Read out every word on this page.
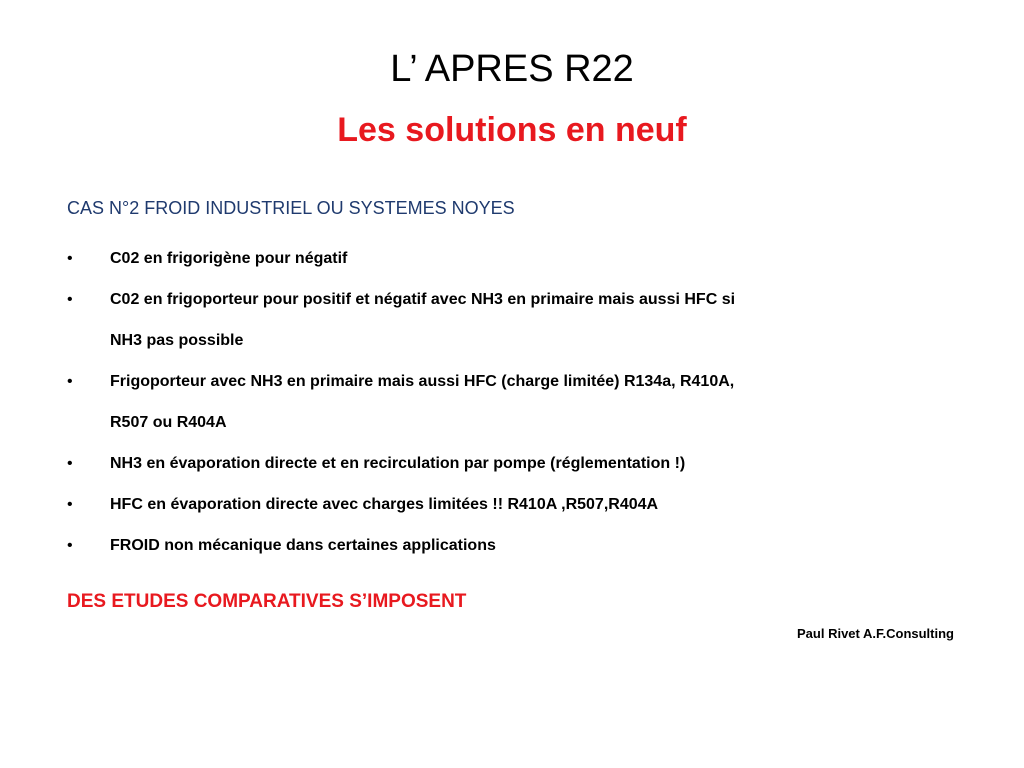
L’ APRES R22
Les solutions en neuf
CAS N°2 FROID INDUSTRIEL OU SYSTEMES NOYES
•	C02 en frigorigène pour négatif
•	C02 en frigoporteur pour positif et négatif avec NH3 en primaire mais aussi HFC si
NH3 pas possible
•	Frigoporteur avec NH3 en primaire mais aussi HFC (charge limitée) R134a, R410A,
R507 ou R404A
•	NH3 en évaporation directe et en recirculation par pompe (réglementation !)
•	HFC en évaporation directe avec charges limitées !! R410A ,R507,R404A
•	FROID non mécanique dans certaines applications
DES ETUDES COMPARATIVES S’IMPOSENT
Paul Rivet A.F.Consulting
